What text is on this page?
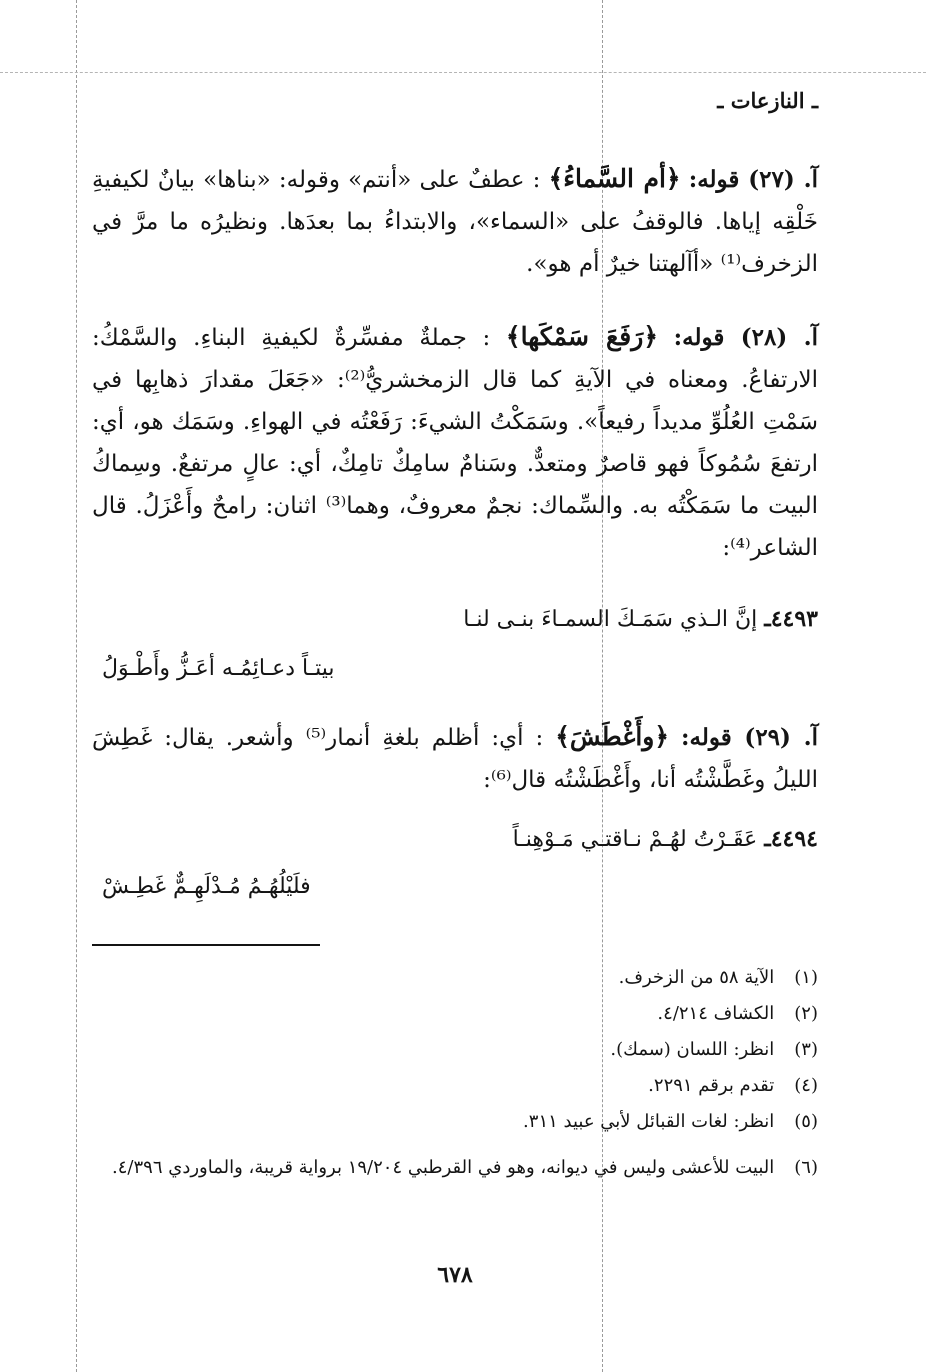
ـ النازعات ـ
آ. (٢٧) قوله: ﴿أم السَّماءُ﴾ : عطفٌ على «أنتم» وقوله: «بناها» بيانٌ لكيفيةِ خَلْقِه إياها. فالوقفُ على «السماء»، والابتداءُ بما بعدَها. ونظيرُه ما مرَّ في الزخرف⁽¹⁾ «أآلهتنا خيرٌ أم هو».
آ. (٢٨) قوله: ﴿رَفَعَ سَمْكَها﴾ : جملةٌ مفسِّرةٌ لكيفيةِ البناءِ. والسَّمْكُ: الارتفاعُ. ومعناه في الآيةِ كما قال الزمخشريُّ⁽²⁾: «جَعَلَ مقدارَ ذهابِها في سَمْتِ العُلُوِّ مديداً رفيعاً». وسَمَكْتُ الشيءَ: رَفَعْتُه في الهواءِ. وسَمَك هو، أي: ارتفعَ سُمُوكاً فهو قاصرٌ ومتعدٌّ. وسَنامٌ سامِكٌ تامِكٌ، أي: عالٍ مرتفعٌ. وسِماكُ البيت ما سَمَكْتُه به. والسِّماك: نجمٌ معروفٌ، وهما⁽³⁾ اثنان: رامحٌ وأَعْزَلُ. قال الشاعر⁽⁴⁾:
٤٤٩٣ـ إنَّ الـذي سَمَـكَ السمـاءَ بنـى لنـا
بيتـاً دعـائِمُـه أعَـزُّ وأَطْـوَلُ
آ. (٢٩) قوله: ﴿وأَغْطَشَ﴾ : أي: أظلم بلغةِ أنمار⁽⁵⁾ وأشعر. يقال: غَطِشَ الليلُ وغَطَّشْتُه أنا، وأَغْطَشْتُه قال⁽⁶⁾:
٤٤٩٤ـ عَقَـرْتُ لهُـمْ نـاقتـي مَـوْهِنـاً
فلَيْلُهُـمُ مُـدْلَهِـمٌّ غَطِـشْ
(١) الآية ٥٨ من الزخرف.
(٢) الكشاف ٤/٢١٤.
(٣) انظر: اللسان (سمك).
(٤) تقدم برقم ٢٢٩١.
(٥) انظر: لغات القبائل لأبي عبيد ٣١١.
(٦) البيت للأعشى وليس في ديوانه، وهو في القرطبي ١٩/٢٠٤ برواية قريبة، والماوردي ٤/٣٩٦.
٦٧٨
